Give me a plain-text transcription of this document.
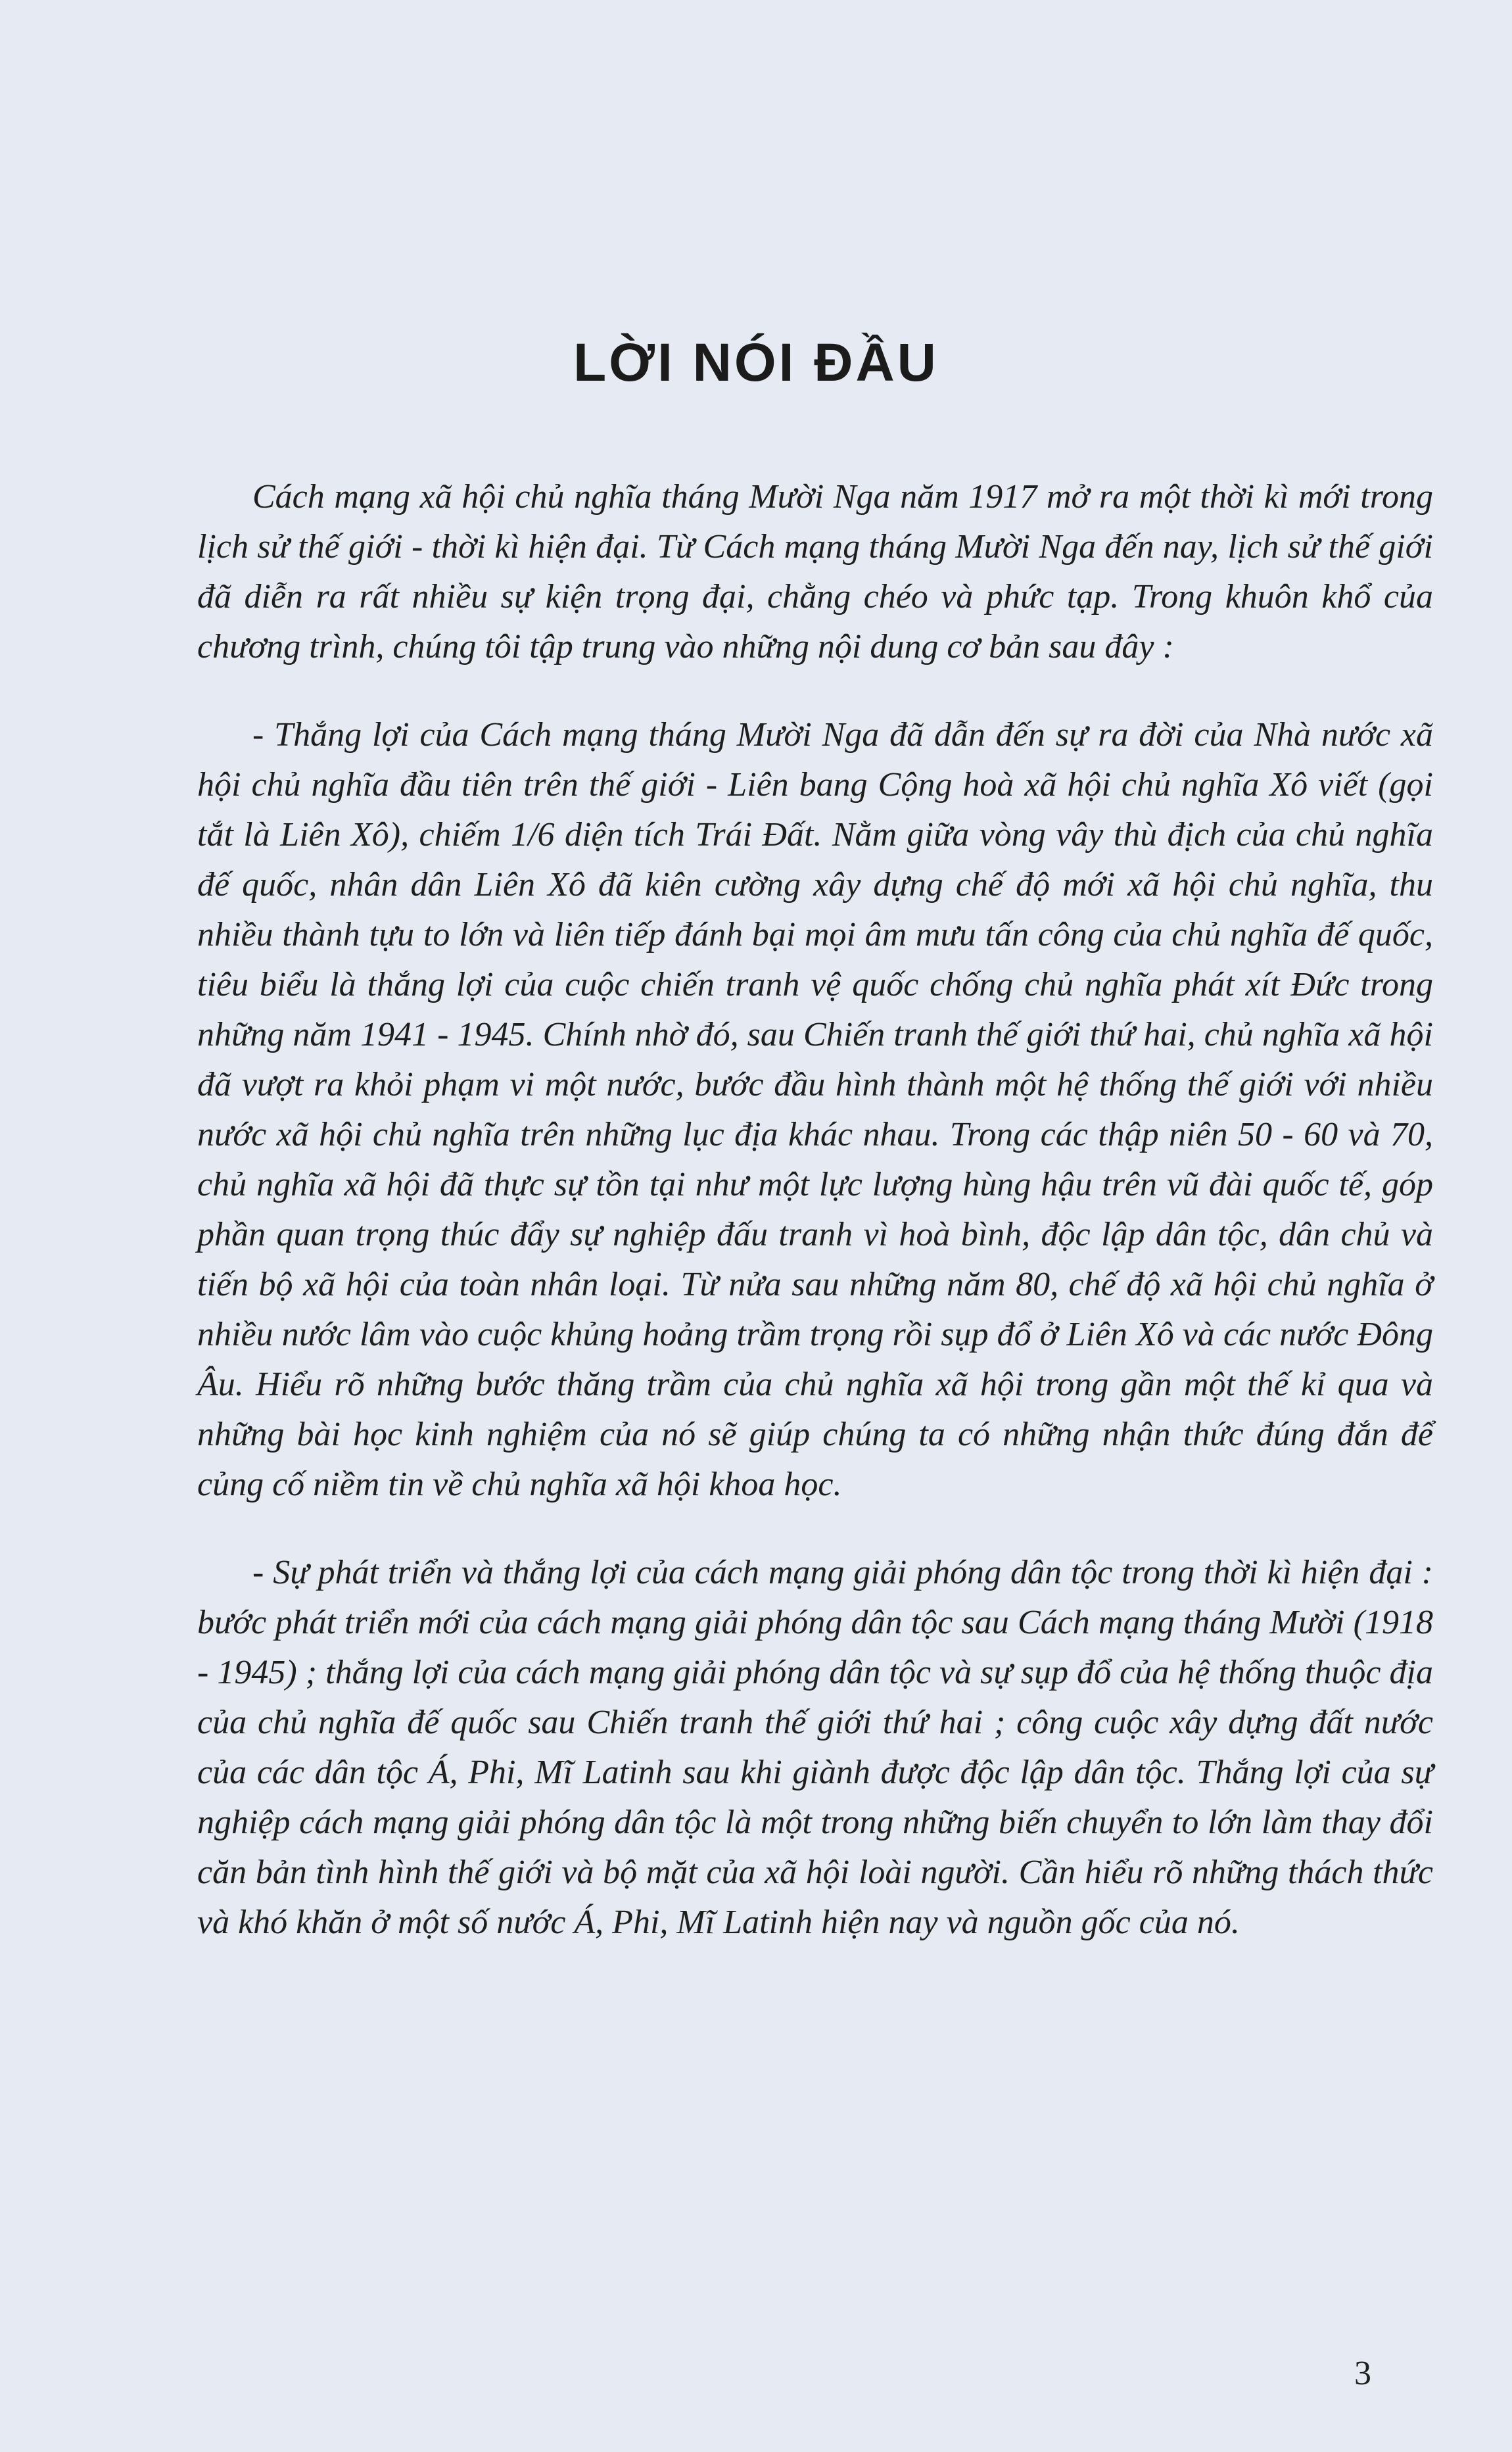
LỜI NÓI ĐẦU

Cách mạng xã hội chủ nghĩa tháng Mười Nga năm 1917 mở ra một thời kì mới trong lịch sử thế giới - thời kì hiện đại. Từ Cách mạng tháng Mười Nga đến nay, lịch sử thế giới đã diễn ra rất nhiều sự kiện trọng đại, chằng chéo và phức tạp. Trong khuôn khổ của chương trình, chúng tôi tập trung vào những nội dung cơ bản sau đây :

- Thắng lợi của Cách mạng tháng Mười Nga đã dẫn đến sự ra đời của Nhà nước xã hội chủ nghĩa đầu tiên trên thế giới - Liên bang Cộng hoà xã hội chủ nghĩa Xô viết (gọi tắt là Liên Xô), chiếm 1/6 diện tích Trái Đất. Nằm giữa vòng vây thù địch của chủ nghĩa đế quốc, nhân dân Liên Xô đã kiên cường xây dựng chế độ mới xã hội chủ nghĩa, thu nhiều thành tựu to lớn và liên tiếp đánh bại mọi âm mưu tấn công của chủ nghĩa đế quốc, tiêu biểu là thắng lợi của cuộc chiến tranh vệ quốc chống chủ nghĩa phát xít Đức trong những năm 1941 - 1945. Chính nhờ đó, sau Chiến tranh thế giới thứ hai, chủ nghĩa xã hội đã vượt ra khỏi phạm vi một nước, bước đầu hình thành một hệ thống thế giới với nhiều nước xã hội chủ nghĩa trên những lục địa khác nhau. Trong các thập niên 50 - 60 và 70, chủ nghĩa xã hội đã thực sự tồn tại như một lực lượng hùng hậu trên vũ đài quốc tế, góp phần quan trọng thúc đẩy sự nghiệp đấu tranh vì hoà bình, độc lập dân tộc, dân chủ và tiến bộ xã hội của toàn nhân loại. Từ nửa sau những năm 80, chế độ xã hội chủ nghĩa ở nhiều nước lâm vào cuộc khủng hoảng trầm trọng rồi sụp đổ ở Liên Xô và các nước Đông Âu. Hiểu rõ những bước thăng trầm của chủ nghĩa xã hội trong gần một thế kỉ qua và những bài học kinh nghiệm của nó sẽ giúp chúng ta có những nhận thức đúng đắn để củng cố niềm tin về chủ nghĩa xã hội khoa học.

- Sự phát triển và thắng lợi của cách mạng giải phóng dân tộc trong thời kì hiện đại : bước phát triển mới của cách mạng giải phóng dân tộc sau Cách mạng tháng Mười (1918 - 1945) ; thắng lợi của cách mạng giải phóng dân tộc và sự sụp đổ của hệ thống thuộc địa của chủ nghĩa đế quốc sau Chiến tranh thế giới thứ hai ; công cuộc xây dựng đất nước của các dân tộc Á, Phi, Mĩ Latinh sau khi giành được độc lập dân tộc. Thắng lợi của sự nghiệp cách mạng giải phóng dân tộc là một trong những biến chuyển to lớn làm thay đổi căn bản tình hình thế giới và bộ mặt của xã hội loài người. Cần hiểu rõ những thách thức và khó khăn ở một số nước Á, Phi, Mĩ Latinh hiện nay và nguồn gốc của nó.

3
